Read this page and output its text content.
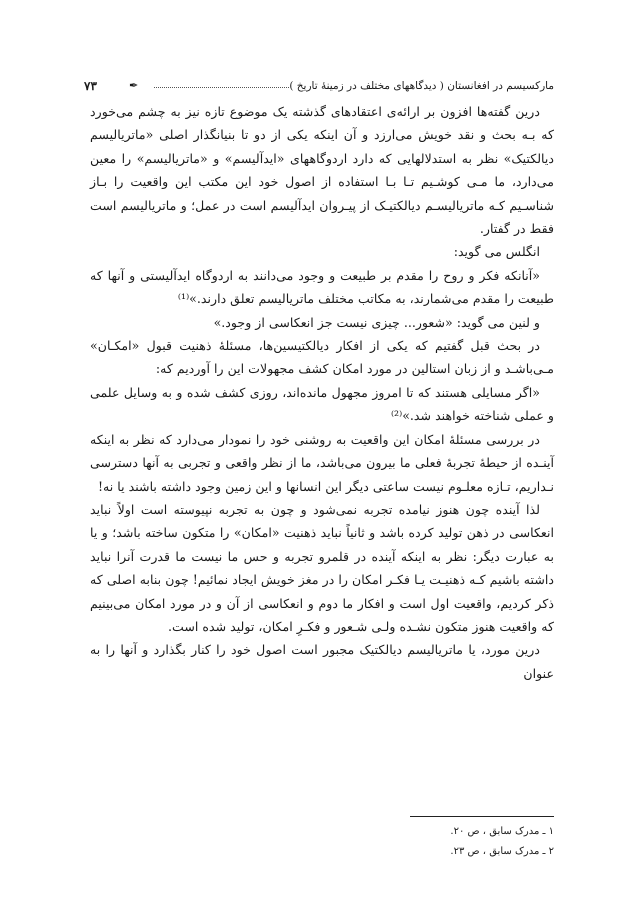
مارکسیسم در افغانستان ( دیدگاههای مختلف در زمینهٔ تاریخ )
✒
۷۳

درین گفته‌ها افزون بر ارائه‌ی اعتقادهای گذشته یک موضوع تازه نیز به چشم می‌خورد که بـه بحث و نقد خویش می‌ارزد و آن اینکه یکی از دو تا بنیانگذار اصلی «ماتریالیسم دیالکتیک» نظر به استدلالهایی که دارد اردوگاههای «ایدآلیسم» و «ماتریالیسم» را معین می‌دارد، ما مـی کوشـیم تـا بـا استفاده از اصول خود این مکتب این واقعیت را بـاز شناسـیم کـه ماتریالیسـم دیالکتیـک از پیـروان ایدآلیسم است در عمل؛ و ماتریالیسم است فقط در گفتار.

انگلس می گوید:

«آنانکه فکر و روح را مقدم بر طبیعت و وجود می‌دانند به اردوگاه ایدآلیستی و آنها که طبیعت را مقدم می‌شمارند، به مکاتب مختلف ماتریالیسم تعلق دارند.»⁽¹⁾

و لنین می گوید: «شعور... چیزی نیست جز انعکاسی از وجود.»

در بحث قبل گفتیم که یکی از افکار دیالکتیسین‌ها، مسئلهٔ ذهنیت قبول «امکـان» مـی‌باشـد و از زبان استالین در مورد امکان کشف مجهولات این را آوردیم که:

«اگر مسایلی هستند که تا امروز مجهول مانده‌اند، روزی کشف شده و به وسایل علمی و عملی شناخته خواهند شد.»⁽²⁾

در بررسی مسئلهٔ امکان این واقعیت به روشنی خود را نمودار می‌دارد که نظر به اینکه آینـده از حیطهٔ تجربهٔ فعلی ما بیرون می‌باشد، ما از نظر واقعی و تجربی به آنها دسترسی نـداریم، تـازه معلـوم نیست ساعتی دیگر این انسانها و این زمین وجود داشته باشند یا نه!

لذا آینده چون هنوز نیامده تجربه نمی‌شود و چون به تجربه نپیوسته است اولاً نباید انعکاسی در ذهن تولید کرده باشد و ثانیاً نباید ذهنیت «امکان» را متکون ساخته باشد؛ و یا به عبارت دیگر: نظر به اینکه آینده در قلمرو تجربه و حس ما نیست ما قدرت آنرا نباید داشته باشیم کـه ذهنیـت یـا فکـر امکان را در مغز خویش ایجاد نمائیم! چون بنابه اصلی که ذکر کردیم، واقعیت اول است و افکار ما دوم و انعکاسی از آن و در مورد امکان می‌بینیم که واقعیت هنوز متکون نشـده ولـی شـعور و فکـرِ امکان، تولید شده است.

درین مورد، یا ماتریالیسم دیالکتیک مجبور است اصول خود را کنار بگذارد و آنها را به عنوان

۱ ـ مدرک سابق ، ص ۲۰.
۲ ـ مدرک سابق ، ص ۲۳.
